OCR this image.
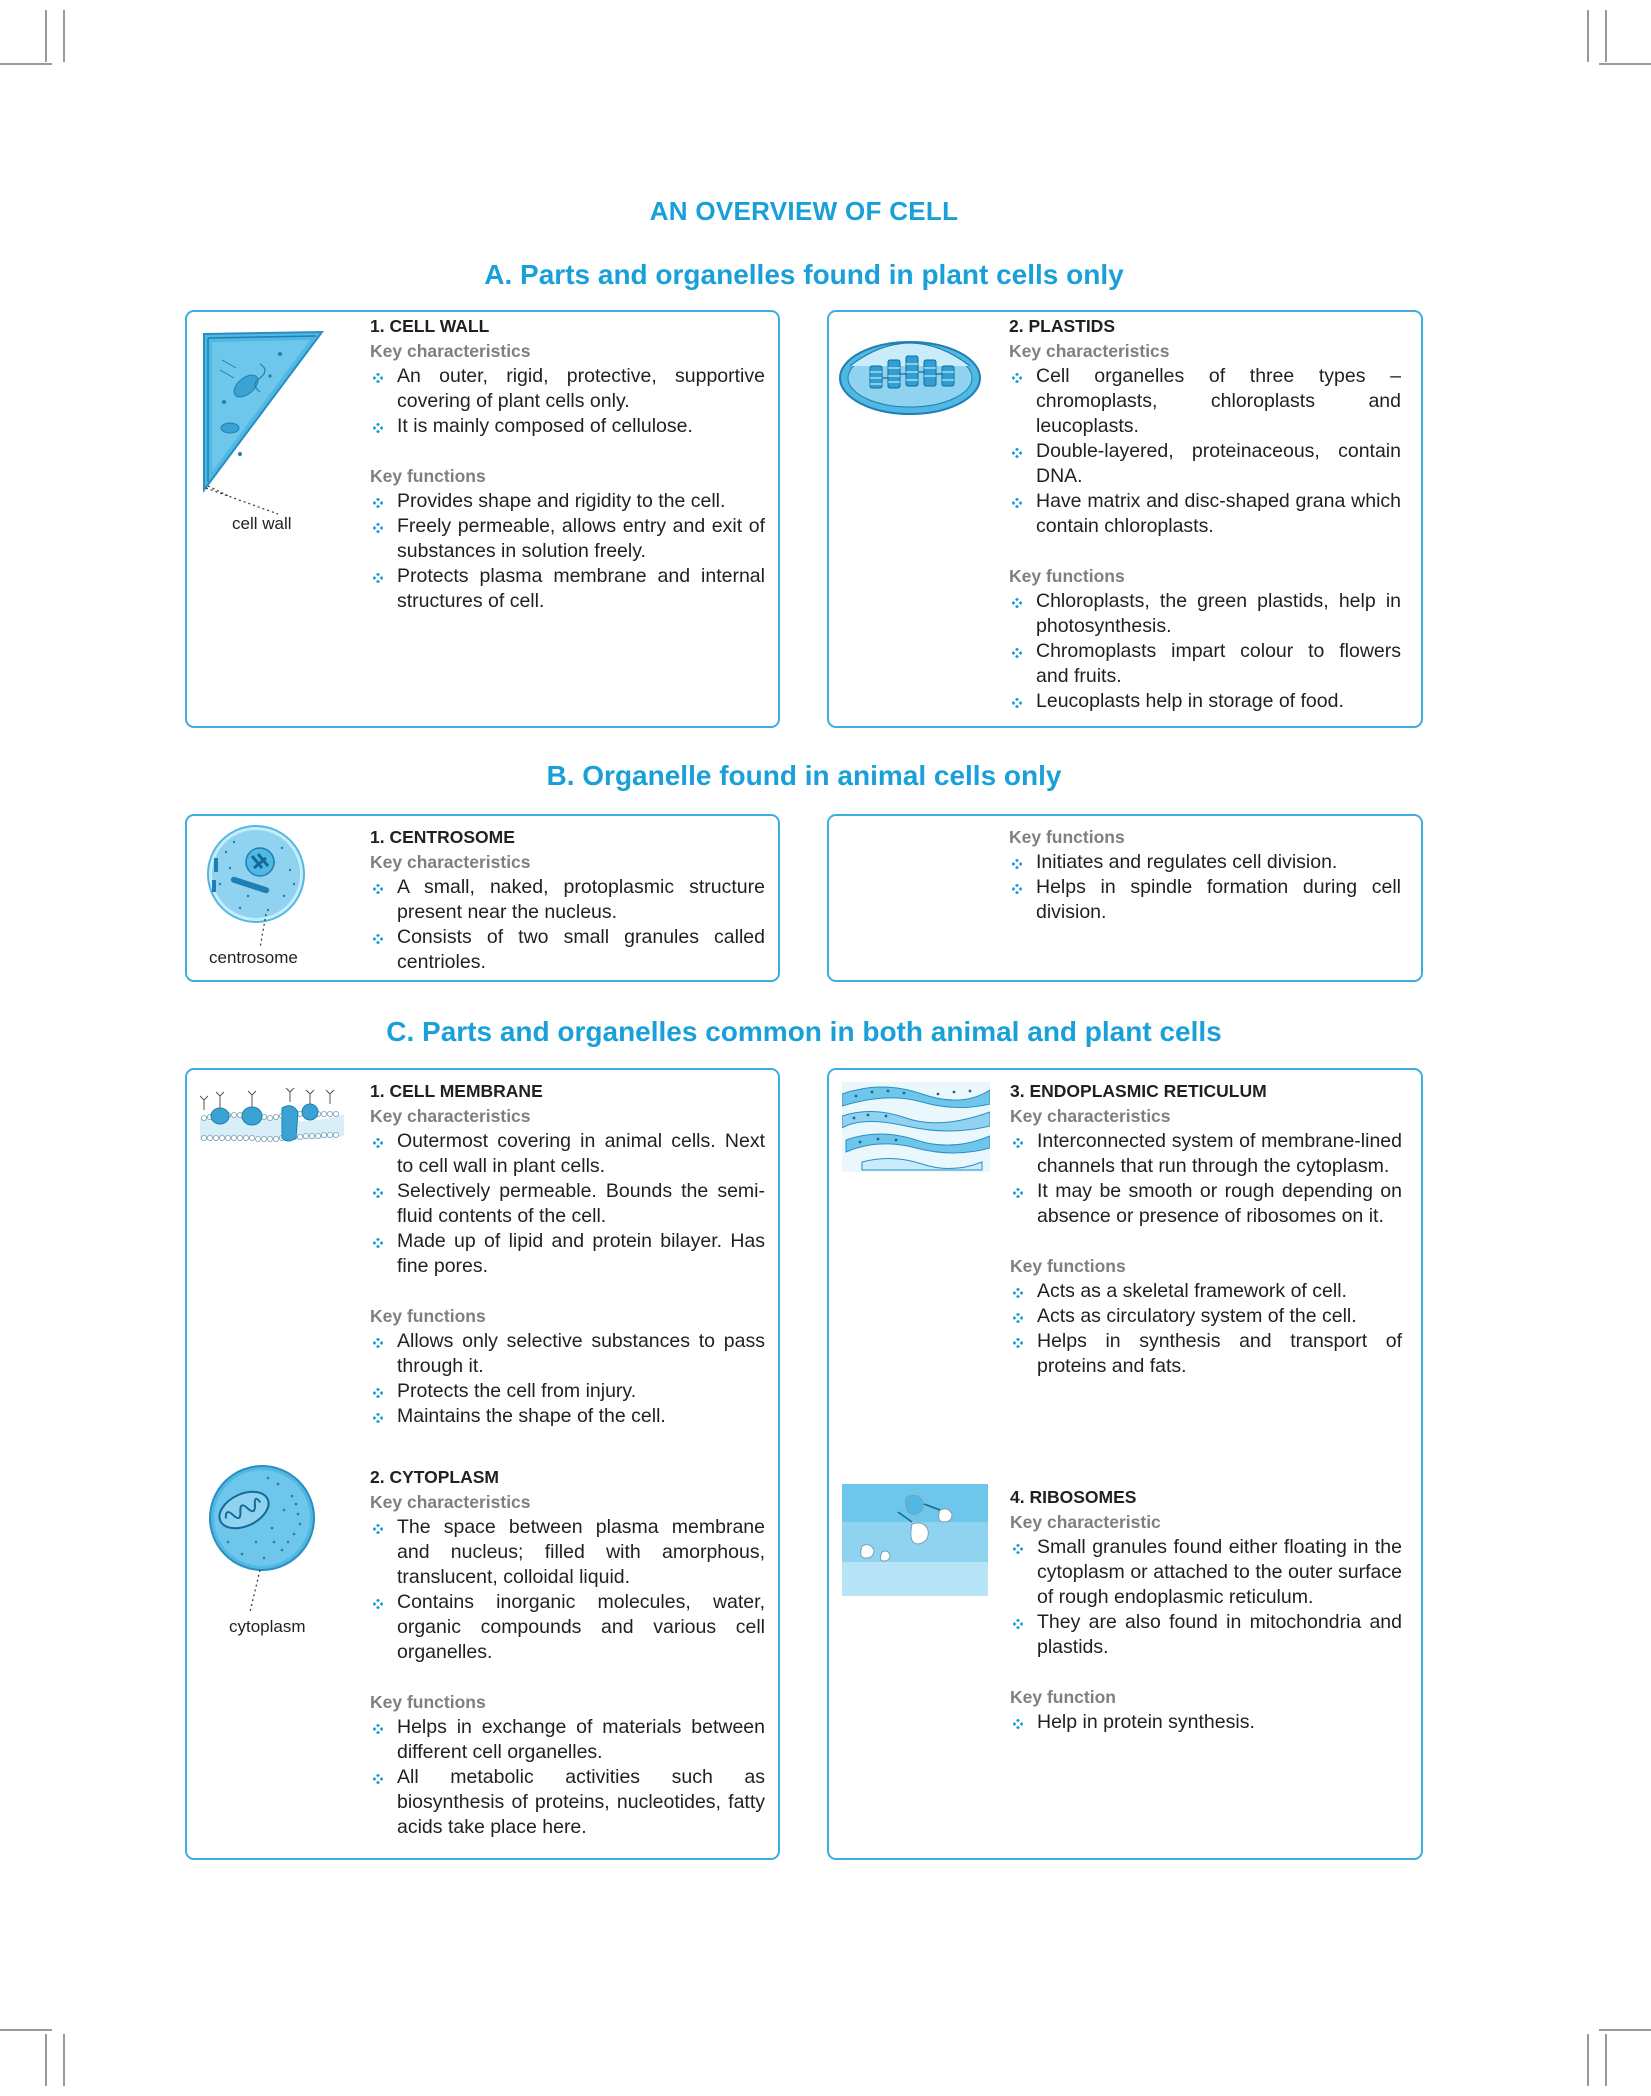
AN OVERVIEW OF CELL
A. Parts and organelles found in plant cells only
cell wall
1. CELL WALL
Key characteristics
An outer, rigid, protective, supportive covering of plant cells only.
It is mainly composed of cellulose.
Key functions
Provides shape and rigidity to the cell.
Freely permeable, allows entry and exit of substances in solution freely.
Protects plasma membrane and internal structures of cell.
2. PLASTIDS
Key characteristics
Cell organelles of three types – chromoplasts, chloroplasts and leucoplasts.
Double-layered, proteinaceous, contain DNA.
Have matrix and disc-shaped grana which contain chloroplasts.
Key functions
Chloroplasts, the green plastids, help in photosynthesis.
Chromoplasts impart colour to flowers and fruits.
Leucoplasts help in storage of food.
B. Organelle found in animal cells only
centrosome
1. CENTROSOME
Key characteristics
A small, naked, protoplasmic structure present near the nucleus.
Consists of two small granules called centrioles.
Key functions
Initiates and regulates cell division.
Helps in spindle formation during cell division.
C. Parts and organelles common in both animal and plant cells
1. CELL MEMBRANE
Key characteristics
Outermost covering in animal cells. Next to cell wall in plant cells.
Selectively permeable. Bounds the semi-fluid contents of the cell.
Made up of lipid and protein bilayer. Has fine pores.
Key functions
Allows only selective substances to pass through it.
Protects the cell from injury.
Maintains the shape of the cell.
cytoplasm
2. CYTOPLASM
Key characteristics
The space between plasma membrane and nucleus; filled with amorphous, translucent, colloidal liquid.
Contains inorganic molecules, water, organic compounds and various cell organelles.
Key functions
Helps in exchange of materials between different cell organelles.
All metabolic activities such as biosynthesis of proteins, nucleotides, fatty acids take place here.
3. ENDOPLASMIC RETICULUM
Key characteristics
Interconnected system of membrane-lined channels that run through the cytoplasm.
It may be smooth or rough depending on absence or presence of ribosomes on it.
Key functions
Acts as a skeletal framework of cell.
Acts as circulatory system of the cell.
Helps in synthesis and transport of proteins and fats.
4. RIBOSOMES
Key characteristic
Small granules found either floating in the cytoplasm or attached to the outer surface of rough endoplasmic reticulum.
They are also found in mitochondria and plastids.
Key function
Help in protein synthesis.
